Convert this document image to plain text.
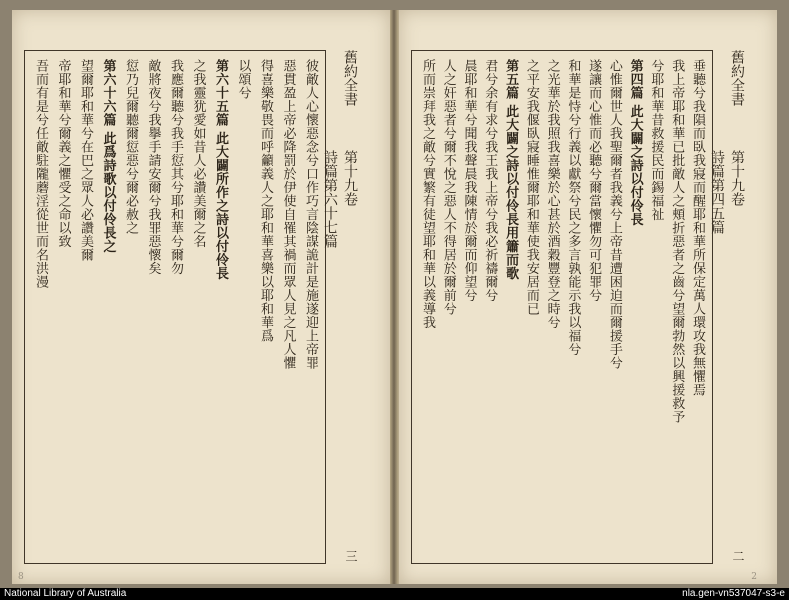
彼敵人心懷惡念兮口作巧言陰謀詭計是施遂迎上帝罪
惡貫盈上帝必降罰於伊使自罹其禍而眾人見之凡人懼
得喜樂敬畏而呼籲義人之耶和華喜樂以耶和華爲
以頌兮
第六十五篇 此大闢所作之詩以付伶長
之我靈犹愛如昔人必讚美爾之名
我應爾聽兮我手愆其兮耶和華兮爾勿
敵將夜兮我擧手請安爾兮我罪惡懷矣
愆乃兒爾聽爾愆惡兮爾必赦之
第六十六篇 此爲詩歌以付伶長之
望爾耶和華兮在巴之眾人必讚美爾
帝耶和華兮爾義之懼受之命以致
吾而有是兮任敵駐隴蘑淫從世而名洪漫	舊約全書
第十九卷
詩篇第六十七篇
三
8
垂聽兮我隕而臥我寢而醒耶和華所保定萬人環攻我無懼焉
我上帝耶和華已批敵人之頰折惡者之齒兮望爾勃然以興援救予
兮耶和華昔救援民而錫福祉
第四篇 此大闢之詩以付伶長
心惟爾世人我聖爾者我義兮上帝昔遭困迫而爾援手兮
遂讓而心惟而必聽兮爾當懷懼勿可犯罪兮
和華是恃兮行義以獻祭兮民之多言孰能示我以福兮
之光華於我照我喜樂於心甚於酒穀豐登之時兮
之平安我偃臥寢睡惟爾耶和華使我安居而已
第五篇 此大闢之詩以付伶長用簫而歌
君兮余有求兮我王我上帝兮我必祈禱爾兮
晨耶和華兮聞我聲晨我陳情於爾而仰望兮
人之奸惡者兮爾不悅之惡人不得居於爾前兮
所而崇拜我之敵兮實繁有徒望耶和華以義導我	舊約全書
第十九卷
詩篇第四五篇
二
2
National Library of Australia	nla.gen-vn537047-s3-e
